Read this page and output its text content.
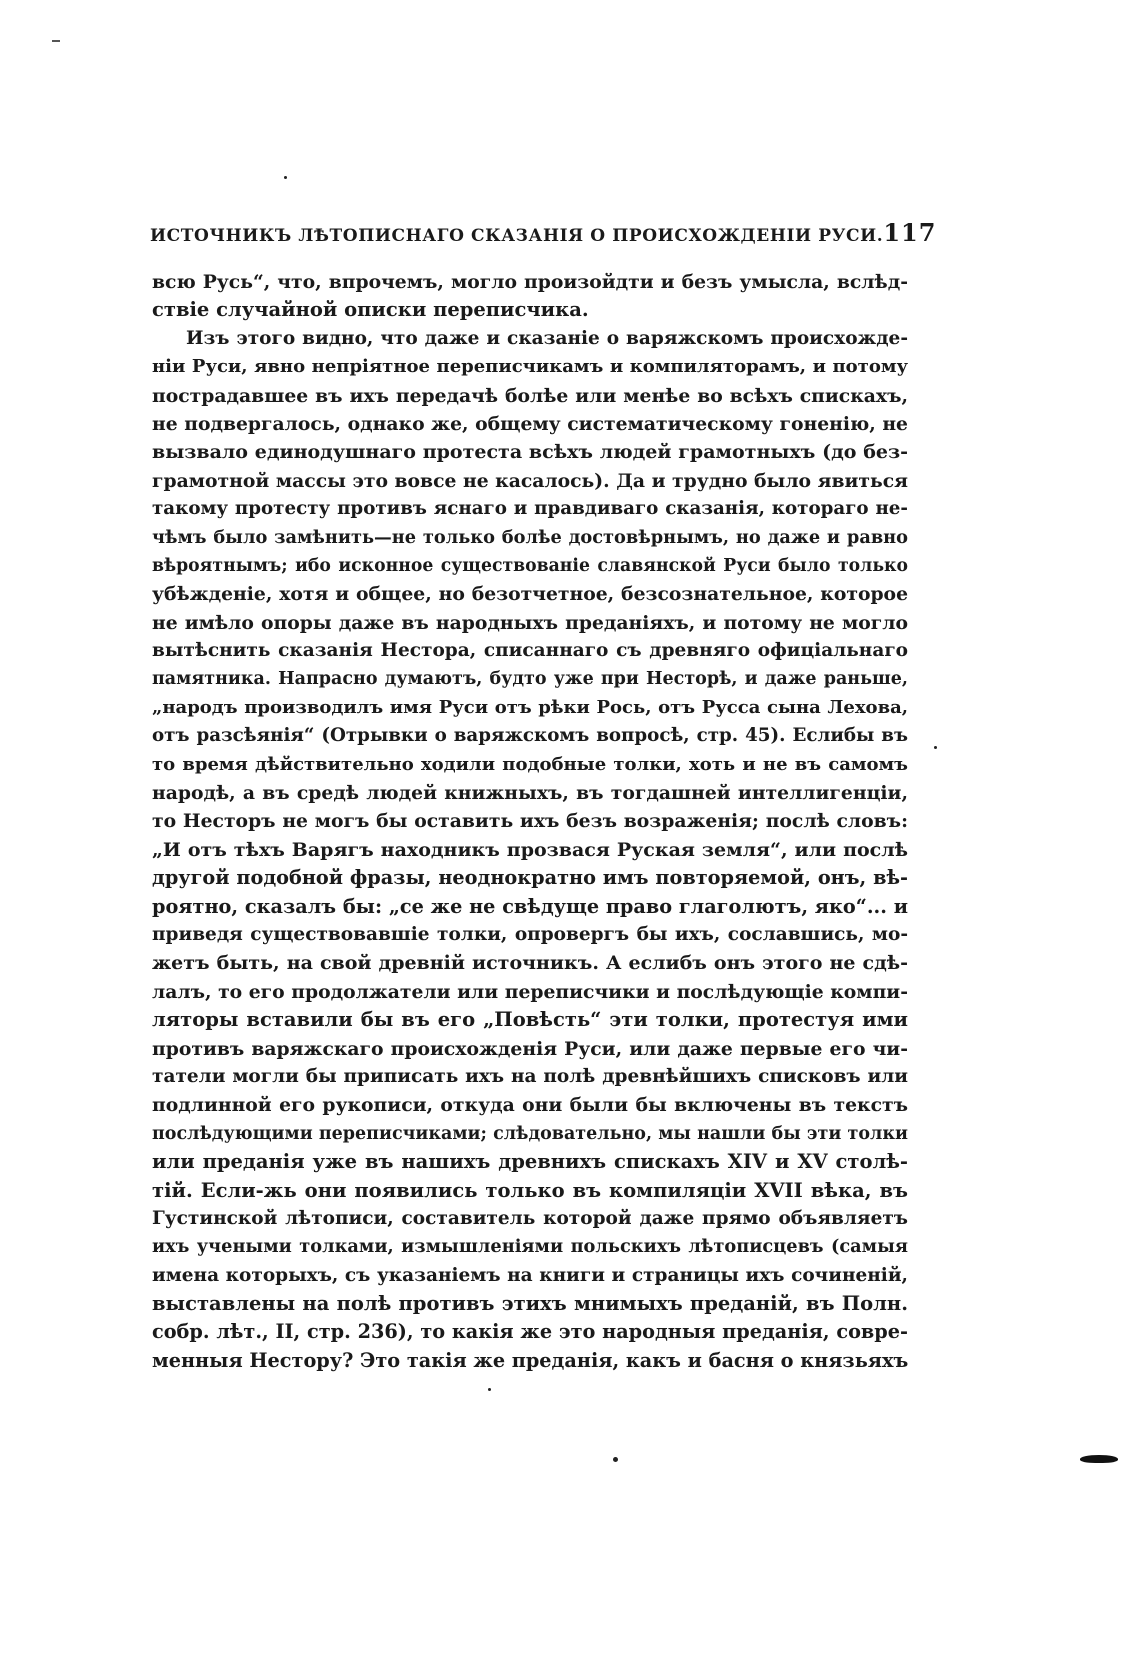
ИСТОЧНИКЪ ЛѢТОПИСНАГО СКАЗАНІЯ О ПРОИСХОЖДЕНІИ РУСИ. 117
всю Русь“, что, впрочемъ, могло произойдти и безъ умысла, вслѣд-
ствіе случайной описки переписчика.
Изъ этого видно, что даже и сказаніе о варяжскомъ происхожде-
ніи Руси, явно непріятное переписчикамъ и компиляторамъ, и потому
пострадавшее въ ихъ передачѣ болѣе или менѣе во всѣхъ спискахъ,
не подвергалось, однако же, общему систематическому гоненію, не
вызвало единодушнаго протеста всѣхъ людей грамотныхъ (до без-
грамотной массы это вовсе не касалось). Да и трудно было явиться
такому протесту противъ яснаго и правдиваго сказанія, котораго не-
чѣмъ было замѣнить—не только болѣе достовѣрнымъ, но даже и равно
вѣроятнымъ; ибо исконное существованіе славянской Руси было только
убѣжденіе, хотя и общее, но безотчетное, безсознательное, которое
не имѣло опоры даже въ народныхъ преданіяхъ, и потому не могло
вытѣснить сказанія Нестора, списаннаго съ древняго офиціальнаго
памятника. Напрасно думаютъ, будто уже при Несторѣ, и даже раньше,
„народъ производилъ имя Руси отъ рѣки Рось, отъ Русса сына Лехова,
отъ разсѣянія“ (Отрывки о варяжскомъ вопросѣ, стр. 45). Еслибы въ
то время дѣйствительно ходили подобные толки, хоть и не въ самомъ
народѣ, а въ средѣ людей книжныхъ, въ тогдашней интеллигенціи,
то Несторъ не могъ бы оставить ихъ безъ возраженія; послѣ словъ:
„И отъ тѣхъ Варягъ находникъ прозвася Руская земля“, или послѣ
другой подобной фразы, неоднократно имъ повторяемой, онъ, вѣ-
роятно, сказалъ бы: „се же не свѣдуще право глаголютъ, яко“... и
приведя существовавшіе толки, опровергъ бы ихъ, сославшись, мо-
жетъ быть, на свой древній источникъ. А еслибъ онъ этого не сдѣ-
лалъ, то его продолжатели или переписчики и послѣдующіе компи-
ляторы вставили бы въ его „Повѣсть“ эти толки, протестуя ими
противъ варяжскаго происхожденія Руси, или даже первые его чи-
татели могли бы приписать ихъ на полѣ древнѣйшихъ списковъ или
подлинной его рукописи, откуда они были бы включены въ текстъ
послѣдующими переписчиками; слѣдовательно, мы нашли бы эти толки
или преданія уже въ нашихъ древнихъ спискахъ XIV и XV столѣ-
тій. Если-жь они появились только въ компиляціи XVII вѣка, въ
Густинской лѣтописи, составитель которой даже прямо объявляетъ
ихъ учеными толками, измышленіями польскихъ лѣтописцевъ (самыя
имена которыхъ, съ указаніемъ на книги и страницы ихъ сочиненій,
выставлены на полѣ противъ этихъ мнимыхъ преданій, въ Полн.
собр. лѣт., II, стр. 236), то какія же это народныя преданія, совре-
менныя Нестору? Это такія же преданія, какъ и басня о князьяхъ
